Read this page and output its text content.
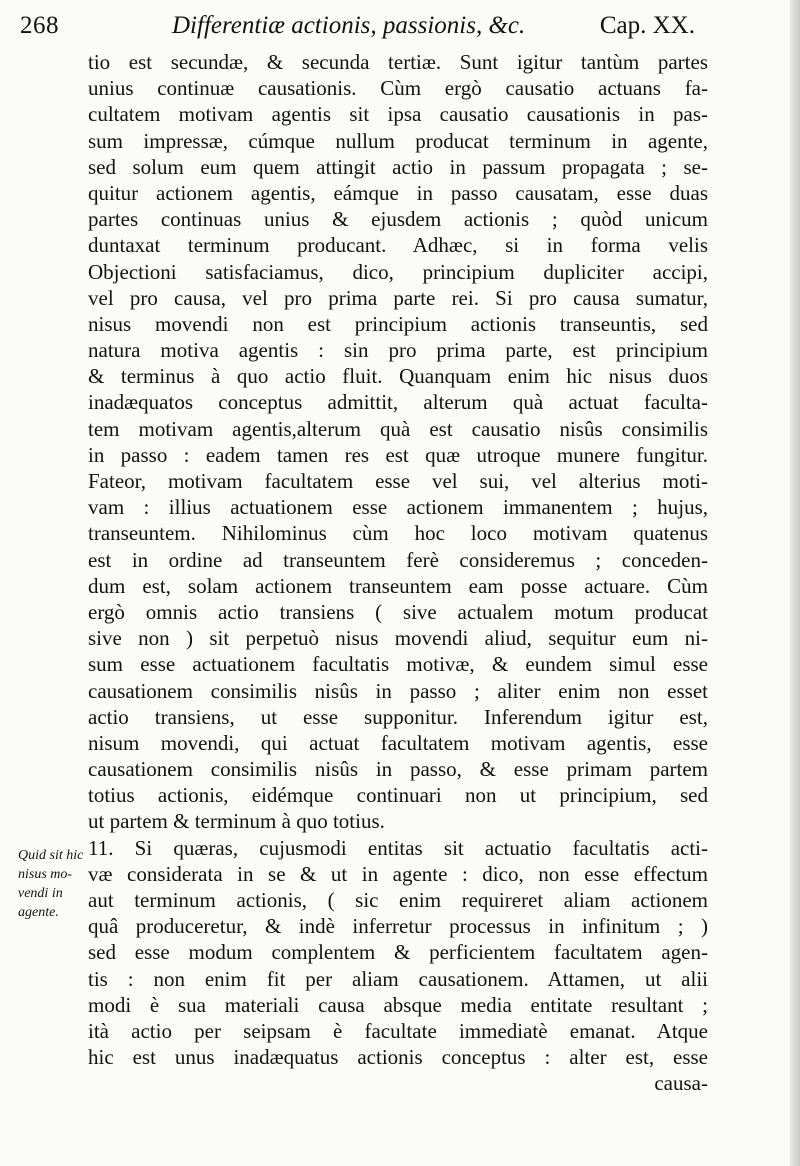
268	Differentiæ actionis, passionis, &c.	Cap. XX.
tio est secundæ, & secunda tertiæ. Sunt igitur tantùm partes
unius continuæ causationis. Cùm ergò causatio actuans fa-
cultatem motivam agentis sit ipsa causatio causationis in pas-
sum impressæ, cúmque nullum producat terminum in agente,
sed solum eum quem attingit actio in passum propagata ; se-
quitur actionem agentis, eámque in passo causatam, esse duas
partes continuas unius & ejusdem actionis ; quòd unicum
duntaxat terminum producant. Adhæc, si in forma velis
Objectioni satisfaciamus, dico, principium dupliciter accipi,
vel pro causa, vel pro prima parte rei. Si pro causa sumatur,
nisus movendi non est principium actionis transeuntis, sed
natura motiva agentis : sin pro prima parte, est principium
& terminus à quo actio fluit. Quanquam enim hic nisus duos
inadæquatos conceptus admittit, alterum quà actuat faculta-
tem motivam agentis,alterum quà est causatio nisûs consimilis
in passo : eadem tamen res est quæ utroque munere fungitur.
Fateor, motivam facultatem esse vel sui, vel alterius moti-
vam : illius actuationem esse actionem immanentem ; hujus,
transeuntem. Nihilominus cùm hoc loco motivam quatenus
est in ordine ad transeuntem ferè consideremus ; conceden-
dum est, solam actionem transeuntem eam posse actuare. Cùm
ergò omnis actio transiens ( sive actualem motum producat
sive non ) sit perpetuò nisus movendi aliud, sequitur eum ni-
sum esse actuationem facultatis motivæ, & eundem simul esse
causationem consimilis nisûs in passo ; aliter enim non esset
actio transiens, ut esse supponitur. Inferendum igitur est,
nisum movendi, qui actuat facultatem motivam agentis, esse
causationem consimilis nisûs in passo, & esse primam partem
totius actionis, eidémque continuari non ut principium, sed
ut partem & terminum à quo totius.
11. Si quæras, cujusmodi entitas sit actuatio facultatis acti-
væ considerata in se & ut in agente : dico, non esse effectum
aut terminum actionis, ( sic enim requireret aliam actionem
quâ produceretur, & indè inferretur processus in infinitum ; )
sed esse modum complentem & perficientem facultatem agen-
tis : non enim fit per aliam causationem. Attamen, ut alii
modi è sua materiali causa absque media entitate resultant ;
ità actio per seipsam è facultate immediatè emanat. Atque
hic est unus inadæquatus actionis conceptus : alter est, esse
causa-
Quid sit hic
nisus mo-
vendi in
agente.
